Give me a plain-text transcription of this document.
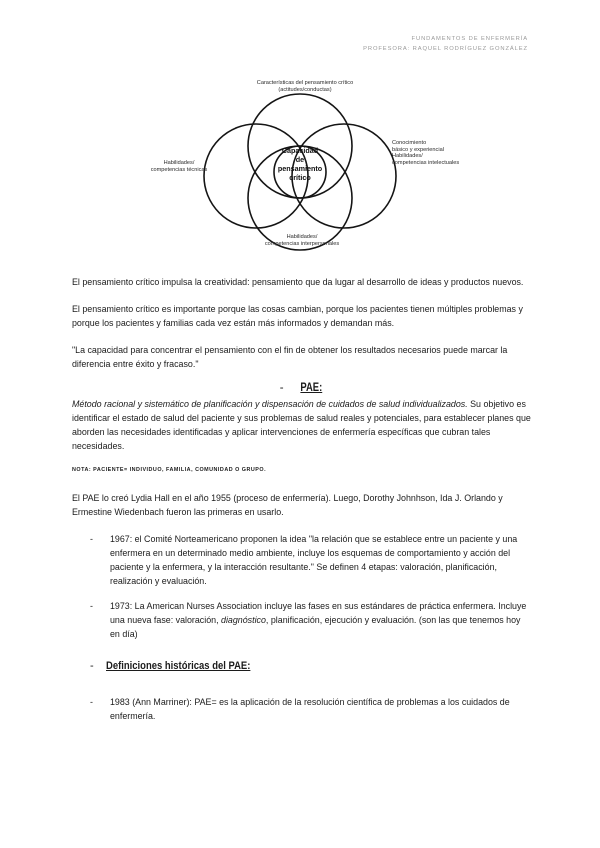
FUNDAMENTOS DE ENFERMERÍA
PROFESORA: RAQUEL RODRÍGUEZ GONZÁLEZ
Características del pensamiento crítico
(actitudes/conductas)
Habilidades/
competencias técnicas
Conocimiento
básico y experiencial
Habilidades/
competencias intelectuales
Habilidades/
competencias interpersonales
Capacidad
de
pensamiento
crítico

El pensamiento crítico impulsa la creatividad: pensamiento que da lugar al desarrollo de ideas y productos nuevos.

El pensamiento crítico es importante porque las cosas cambian, porque los pacientes tienen múltiples problemas y porque los pacientes y familias cada vez están más informados y demandan más.

"La capacidad para concentrar el pensamiento con el fin de obtener los resultados necesarios puede marcar la diferencia entre éxito y fracaso."

- PAE:

Método racional y sistemático de planificación y dispensación de cuidados de salud individualizados. Su objetivo es identificar el estado de salud del paciente y sus problemas de salud reales y potenciales, para establecer planes que aborden las necesidades identificadas y aplicar intervenciones de enfermería específicas que cubran tales necesidades.

NOTA: PACIENTE= INDIVIDUO, FAMILIA, COMUNIDAD O GRUPO.

El PAE lo creó Lydia Hall en el año 1955 (proceso de enfermería). Luego, Dorothy Johnhson, Ida J. Orlando y Ermestine Wiedenbach fueron las primeras en usarlo.

- 1967: el Comité Norteamericano proponen la idea "la relación que se establece entre un paciente y una enfermera en un determinado medio ambiente, incluye los esquemas de comportamiento y acción del paciente y la enfermera, y la interacción resultante." Se definen 4 etapas: valoración, planificación, realización y evaluación.
- 1973: La American Nurses Association incluye las fases en sus estándares de práctica enfermera. Incluye una nueva fase: valoración, diagnóstico, planificación, ejecución y evaluación. (son las que tenemos hoy en día)
- Definiciones históricas del PAE:
- 1983 (Ann Marriner): PAE= es la aplicación de la resolución científica de problemas a los cuidados de enfermería.
